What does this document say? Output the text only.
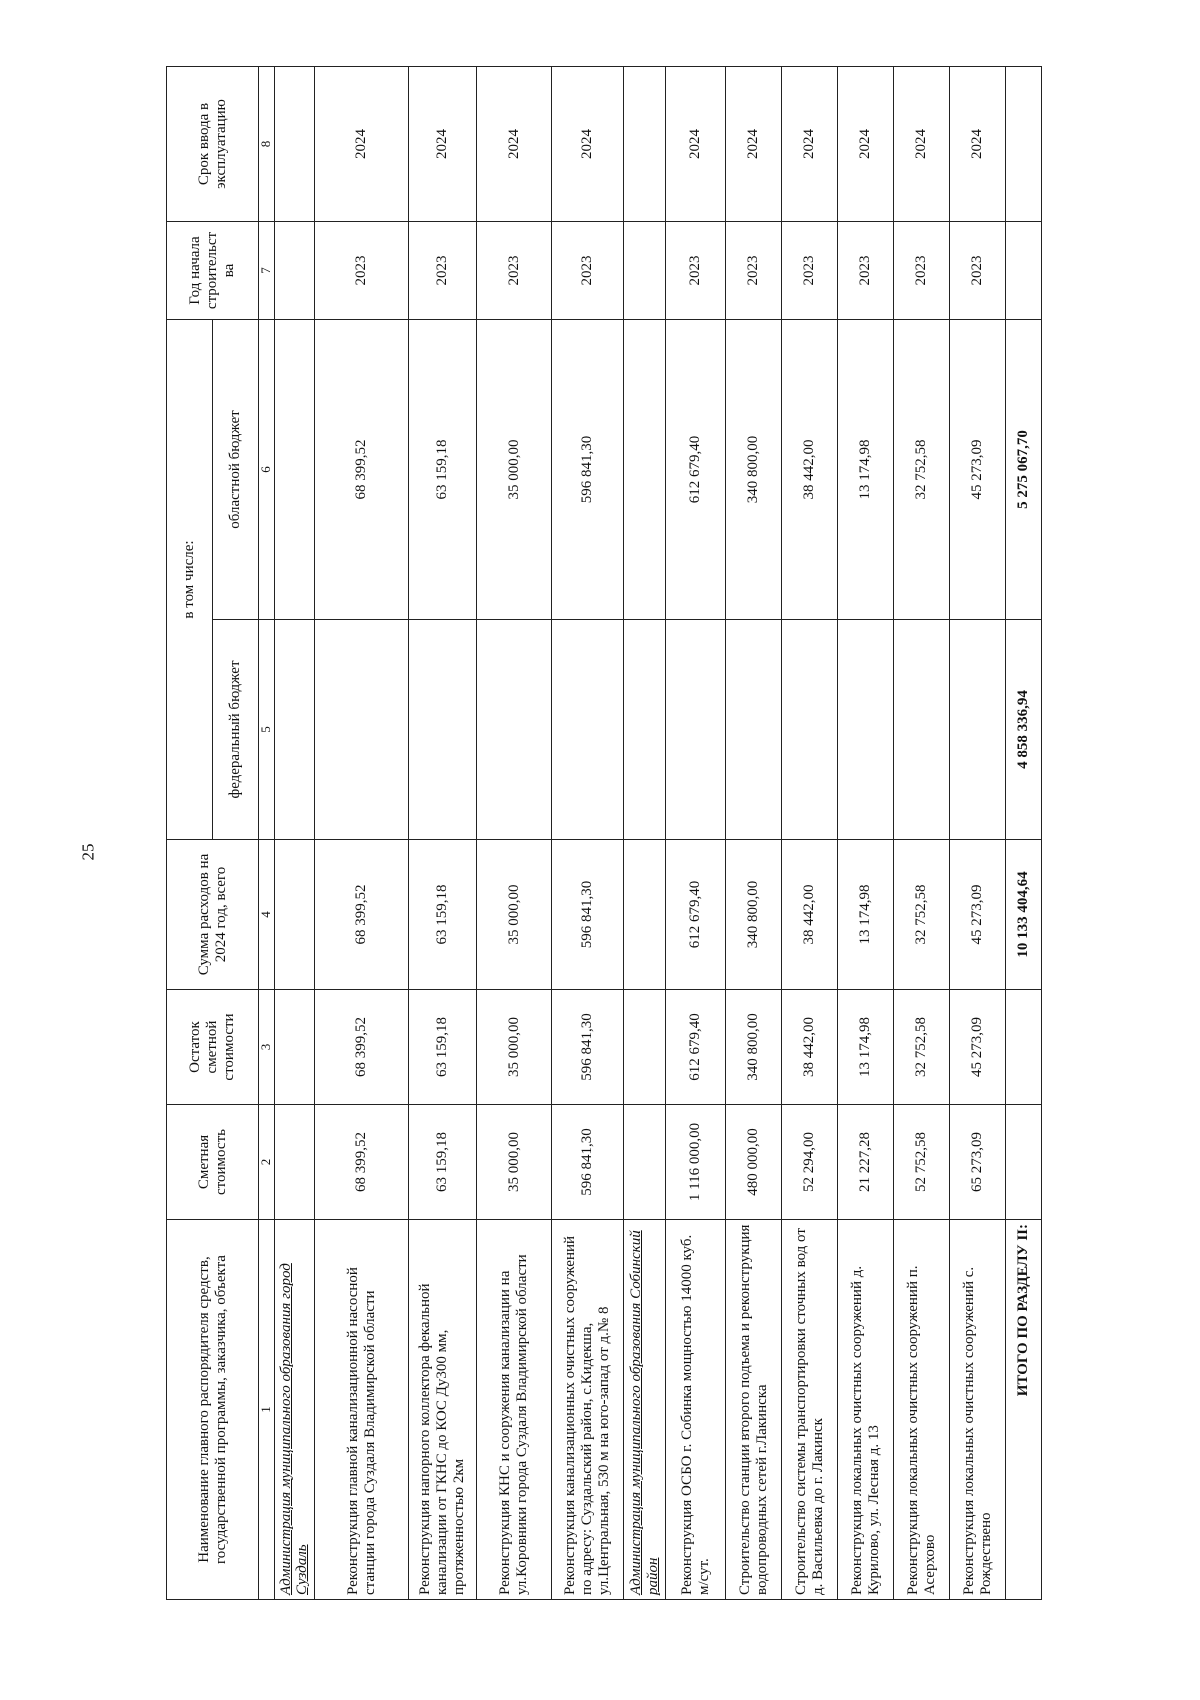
25
Наименование главного распорядителя средств, государственной программы, заказчика, объекта	Сметная стоимость	Остаток сметной стоимости	Сумма расходов на 2024 год, всего	в том числе:		Год начала строительст ва	Срок ввода в эксплуатацию
				федеральный бюджет	областной бюджет		
1	2	3	4	5	6	7	8
Администрация муниципального образования город Суздаль							
Реконструкция главной канализационной насосной станции города Суздаля Владимирской области	68 399,52	68 399,52	68 399,52		68 399,52	2023	2024
Реконструкция напорного коллектора фекальной канализации от ГКНС до КОС Ду300 мм, протяженностью 2км	63 159,18	63 159,18	63 159,18		63 159,18	2023	2024
Реконструкция КНС и сооружения канализации на ул.Коровники города Суздаля Владимирской области	35 000,00	35 000,00	35 000,00		35 000,00	2023	2024
Реконструкция канализационных очистных сооружений по адресу: Суздальский район, с.Кидекша, ул.Центральная, 530 м на юго-запад от д.№ 8	596 841,30	596 841,30	596 841,30		596 841,30	2023	2024
Администрация муниципального образования Собинский район							
Реконструкция ОСБО г. Собинка мощностью 14000 куб. м/сут.	1 116 000,00	612 679,40	612 679,40		612 679,40	2023	2024
Строительство станции второго подъема и реконструкция водопроводных сетей г.Лакинска	480 000,00	340 800,00	340 800,00		340 800,00	2023	2024
Строительство системы транспортировки сточных вод от д. Васильевка до г. Лакинск	52 294,00	38 442,00	38 442,00		38 442,00	2023	2024
Реконструкция локальных очистных сооружений д. Курилово, ул. Лесная д. 13	21 227,28	13 174,98	13 174,98		13 174,98	2023	2024
Реконструкция локальных очистных сооружений п. Асерхово	52 752,58	32 752,58	32 752,58		32 752,58	2023	2024
Реконструкция локальных очистных сооружений с. Рождествено	65 273,09	45 273,09	45 273,09		45 273,09	2023	2024
ИТОГО ПО РАЗДЕЛУ II:			10 133 404,64	4 858 336,94	5 275 067,70		
